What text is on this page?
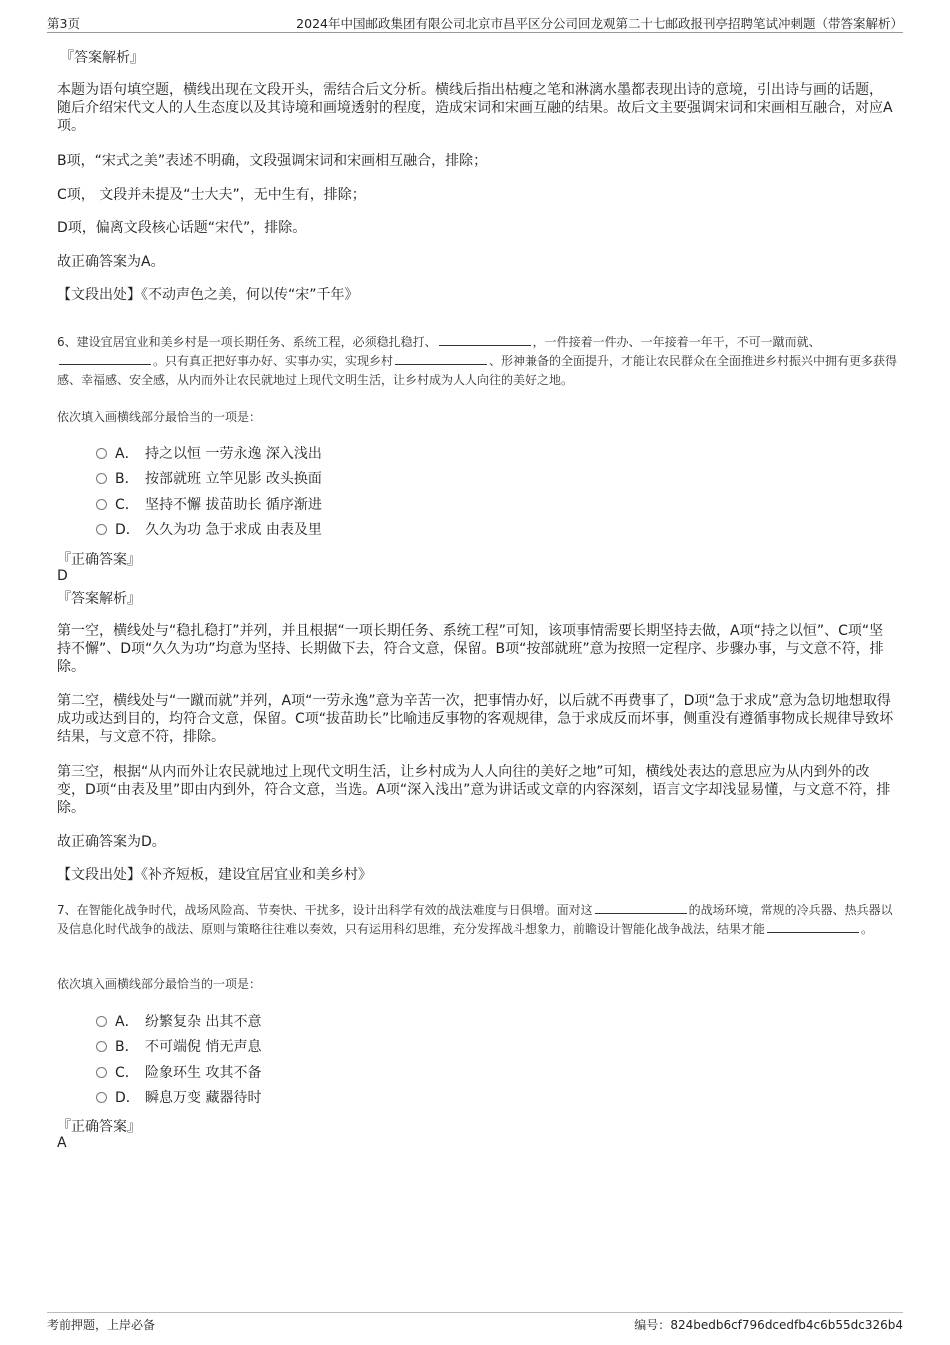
第3页	2024年中国邮政集团有限公司北京市昌平区分公司回龙观第二十七邮政报刊亭招聘笔试冲刺题（带答案解析）
『答案解析』
本题为语句填空题，横线出现在文段开头，需结合后文分析。横线后指出枯瘦之笔和淋漓水墨都表现出诗的意境，引出诗与画的话题，随后介绍宋代文人的人生态度以及其诗境和画境透射的程度，造成宋词和宋画互融的结果。故后文主要强调宋词和宋画相互融合，对应A项。
B项，“宋式之美”表述不明确，文段强调宋词和宋画相互融合，排除；
C项， 文段并未提及“士大夫”，无中生有，排除；
D项，偏离文段核心话题“宋代”，排除。
故正确答案为A。
【文段出处】《不动声色之美，何以传“宋”千年》
6、建设宜居宜业和美乡村是一项长期任务、系统工程，必须稳扎稳打、	，一件接着一件办、一年接着一年干，不可一蹴而就、。只有真正把好事办好、实事办实，实现乡村	、形神兼备的全面提升，才能让农民群众在全面推进乡村振兴中拥有更多获得感、幸福感、安全感，从内而外让农民就地过上现代文明生活，让乡村成为人人向往的美好之地。
依次填入画横线部分最恰当的一项是：
A． 持之以恒 一劳永逸 深入浅出
B． 按部就班 立竿见影 改头换面
C． 坚持不懈 拔苗助长 循序渐进
D． 久久为功 急于求成 由表及里
『正确答案』
D
『答案解析』
第一空，横线处与“稳扎稳打”并列，并且根据“一项长期任务、系统工程”可知，该项事情需要长期坚持去做，A项“持之以恒”、C项“坚持不懈”、D项“久久为功”均意为坚持、长期做下去，符合文意，保留。B项“按部就班”意为按照一定程序、步骤办事，与文意不符，排除。
第二空，横线处与“一蹴而就”并列，A项“一劳永逸”意为辛苦一次，把事情办好，以后就不再费事了，D项“急于求成”意为急切地想取得成功或达到目的，均符合文意，保留。C项“拔苗助长”比喻违反事物的客观规律，急于求成反而坏事，侧重没有遵循事物成长规律导致坏结果，与文意不符，排除。
第三空，根据“从内而外让农民就地过上现代文明生活，让乡村成为人人向往的美好之地”可知，横线处表达的意思应为从内到外的改变，D项“由表及里”即由内到外，符合文意，当选。A项“深入浅出”意为讲话或文章的内容深刻，语言文字却浅显易懂，与文意不符，排除。
故正确答案为D。
【文段出处】《补齐短板，建设宜居宜业和美乡村》
7、在智能化战争时代，战场风险高、节奏快、干扰多，设计出科学有效的战法难度与日俱增。面对这	的战场环境，常规的冷兵器、热兵器以及信息化时代战争的战法、原则与策略往往难以奏效，只有运用科幻思维，充分发挥战斗想象力，前瞻设计智能化战争战法，结果才能	。
依次填入画横线部分最恰当的一项是：
A． 纷繁复杂 出其不意
B． 不可端倪 悄无声息
C． 险象环生 攻其不备
D． 瞬息万变 藏器待时
『正确答案』
A
考前押题，上岸必备	编号：824bedb6cf796dcedfb4c6b55dc326b4
